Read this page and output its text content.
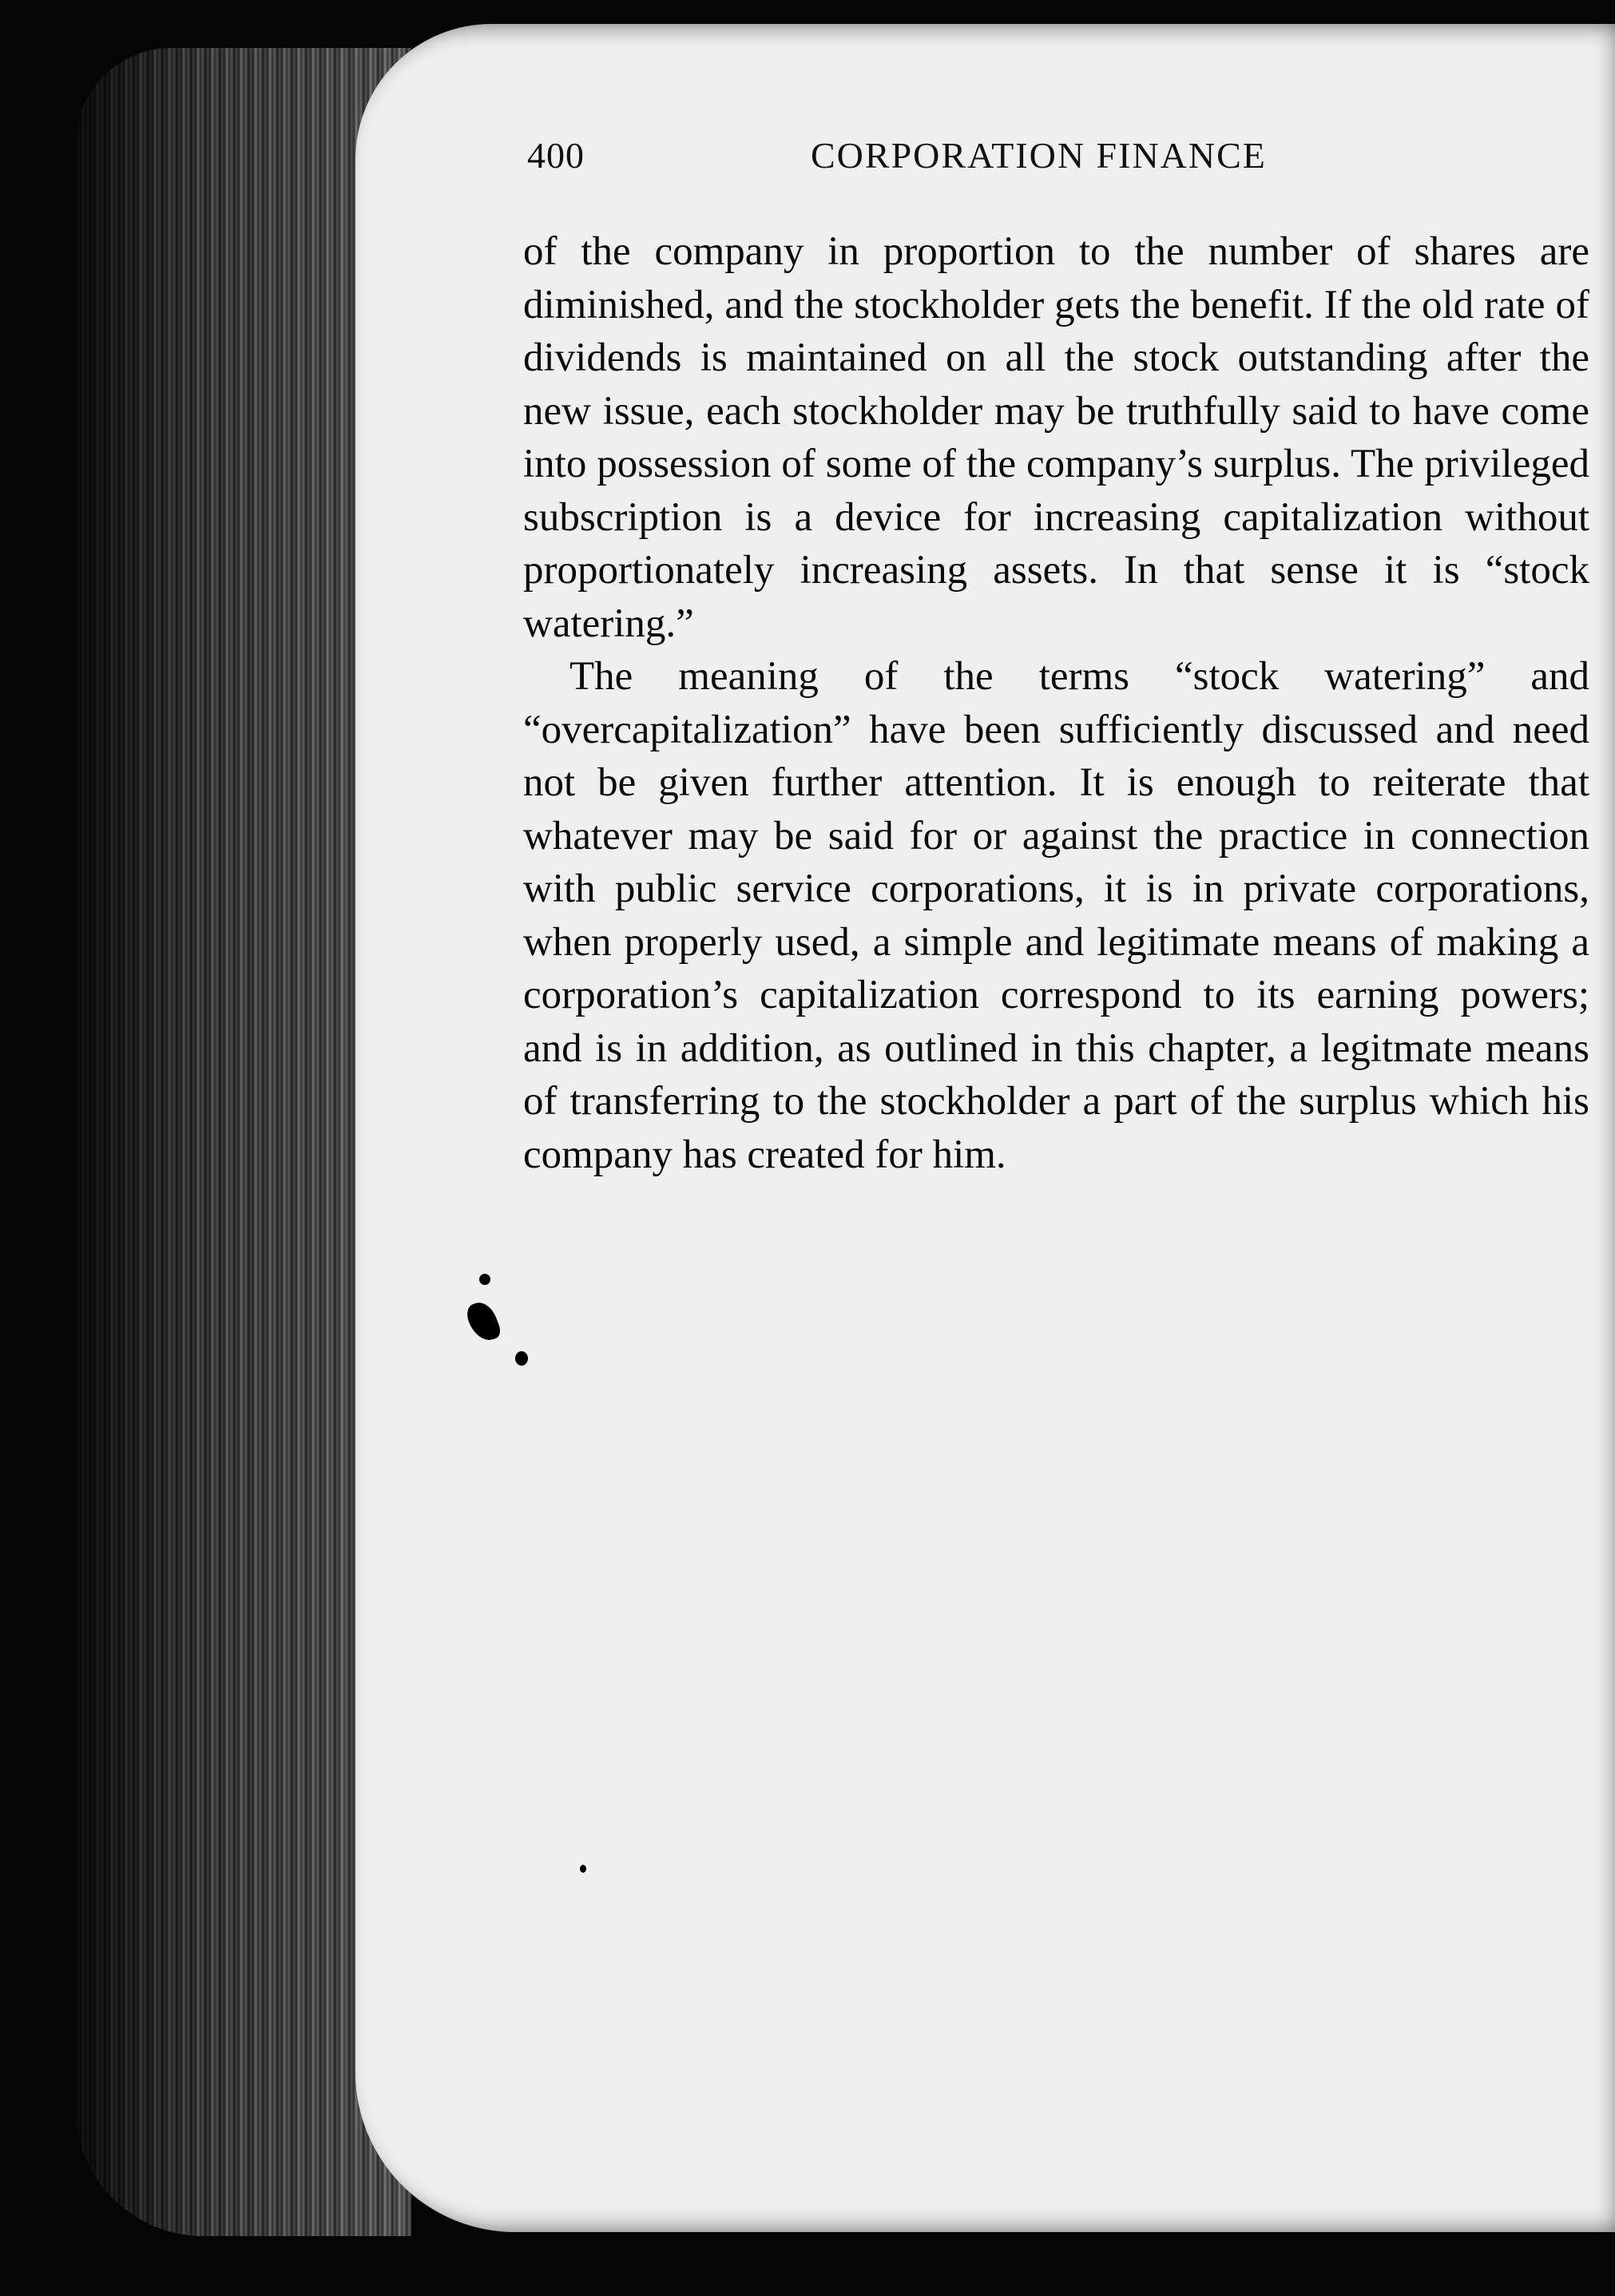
400	CORPORATION FINANCE

of the company in proportion to the number of shares are diminished, and the stockholder gets the benefit. If the old rate of dividends is maintained on all the stock outstanding after the new issue, each stockholder may be truthfully said to have come into possession of some of the company’s surplus. The privileged subscription is a device for increasing capitalization without proportionately increasing assets. In that sense it is “stock watering.”

The meaning of the terms “stock watering” and “overcapitalization” have been sufficiently discussed and need not be given further attention. It is enough to reiterate that whatever may be said for or against the practice in connection with public service corporations, it is in private corporations, when properly used, a simple and legitimate means of making a corporation’s capitalization correspond to its earning powers; and is in addition, as outlined in this chapter, a legitmate means of transferring to the stockholder a part of the surplus which his company has created for him.
